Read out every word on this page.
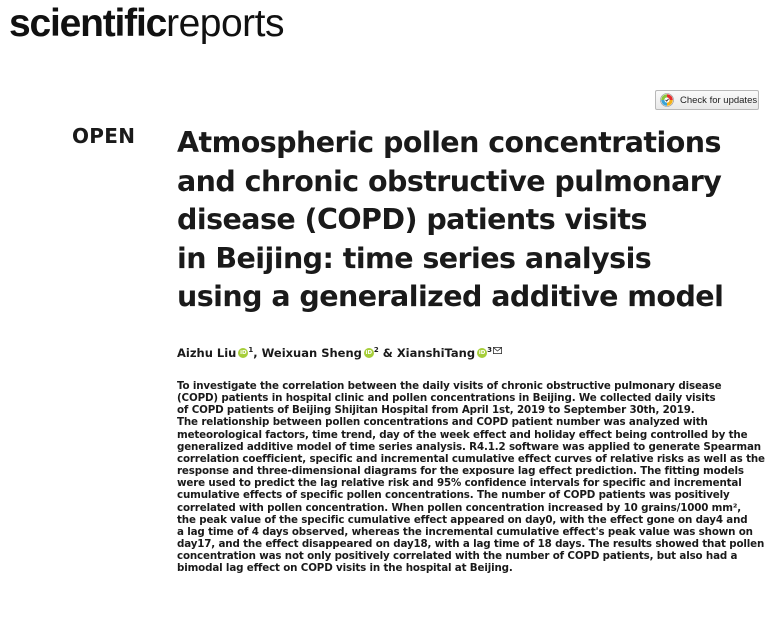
scientificreports
Check for updates
OPEN Atmospheric pollen concentrations
and chronic obstructive pulmonary
disease (COPD) patients visits
in Beijing: time series analysis
using a generalized additive model
Aizhu Liu iD $^1$, Weixuan Sheng iD $^2$ & XianshiTang iD $^3$
To investigate the correlation between the daily visits of chronic obstructive pulmonary disease
(COPD) patients in hospital clinic and pollen concentrations in Beijing. We collected daily visits
of COPD patients of Beijing Shijitan Hospital from April 1st, 2019 to September 30th, 2019.
The relationship between pollen concentrations and COPD patient number was analyzed with
meteorological factors, time trend, day of the week effect and holiday effect being controlled by the
generalized additive model of time series analysis. R4.1.2 software was applied to generate Spearman
correlation coefficient, specific and incremental cumulative effect curves of relative risks as well as the
response and three-dimensional diagrams for the exposure lag effect prediction. The fitting models
were used to predict the lag relative risk and 95% confidence intervals for specific and incremental
cumulative effects of specific pollen concentrations. The number of COPD patients was positively
correlated with pollen concentration. When pollen concentration increased by 10 grains/1000 mm²,
the peak value of the specific cumulative effect appeared on day0, with the effect gone on day4 and
a lag time of 4 days observed, whereas the incremental cumulative effect's peak value was shown on
day17, and the effect disappeared on day18, with a lag time of 18 days. The results showed that pollen
concentration was not only positively correlated with the number of COPD patients, but also had a
bimodal lag effect on COPD visits in the hospital at Beijing.
